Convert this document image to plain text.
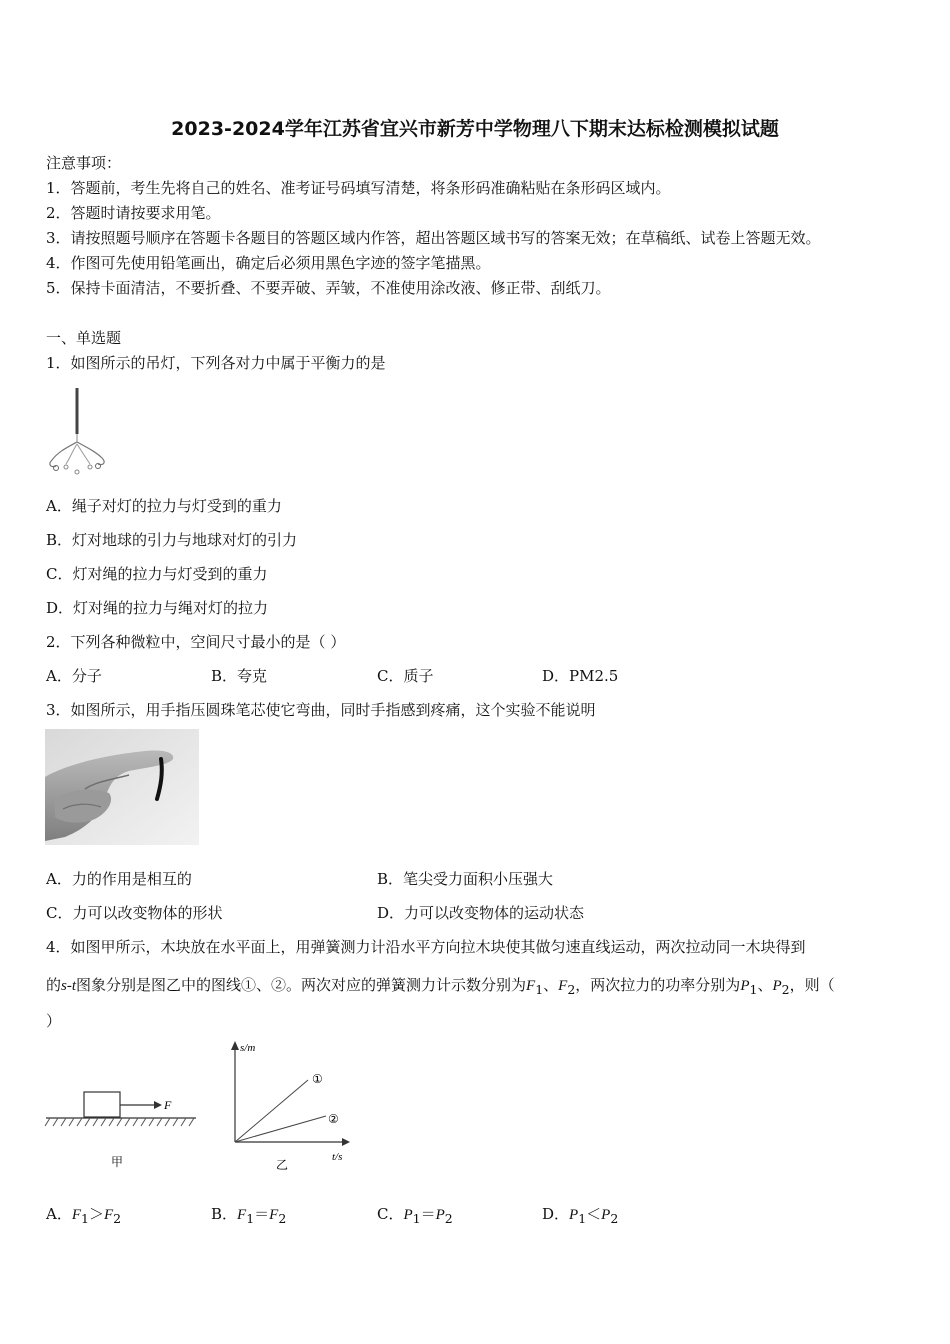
2023-2024学年江苏省宜兴市新芳中学物理八下期末达标检测模拟试题
注意事项：
1．答题前，考生先将自己的姓名、准考证号码填写清楚，将条形码准确粘贴在条形码区域内。
2．答题时请按要求用笔。
3．请按照题号顺序在答题卡各题目的答题区域内作答，超出答题区域书写的答案无效；在草稿纸、试卷上答题无效。
4．作图可先使用铅笔画出，确定后必须用黑色字迹的签字笔描黑。
5．保持卡面清洁，不要折叠、不要弄破、弄皱，不准使用涂改液、修正带、刮纸刀。
一、单选题
1．如图所示的吊灯，下列各对力中属于平衡力的是
A．绳子对灯的拉力与灯受到的重力
B．灯对地球的引力与地球对灯的引力
C．灯对绳的拉力与灯受到的重力
D．灯对绳的拉力与绳对灯的拉力
2．下列各种微粒中，空间尺寸最小的是（ ）
A．分子	B．夸克	C．质子	D．PM2.5
3．如图所示，用手指压圆珠笔芯使它弯曲，同时手指感到疼痛，这个实验不能说明
A．力的作用是相互的	B．笔尖受力面积小压强大
C．力可以改变物体的形状	D．力可以改变物体的运动状态
4．如图甲所示，木块放在水平面上，用弹簧测力计沿水平方向拉木块使其做匀速直线运动，两次拉动同一木块得到
的s-t图象分别是图乙中的图线①、②。两次对应的弹簧测力计示数分别为$F_1$、$F_2$，两次拉力的功率分别为$P_1$、$P_2$，则（
）
F
甲
s/m
t/s
①
②
乙
A．$F_1>F_2$	B．$F_1=F_2$	C．$P_1=P_2$	D．$P_1<P_2$
